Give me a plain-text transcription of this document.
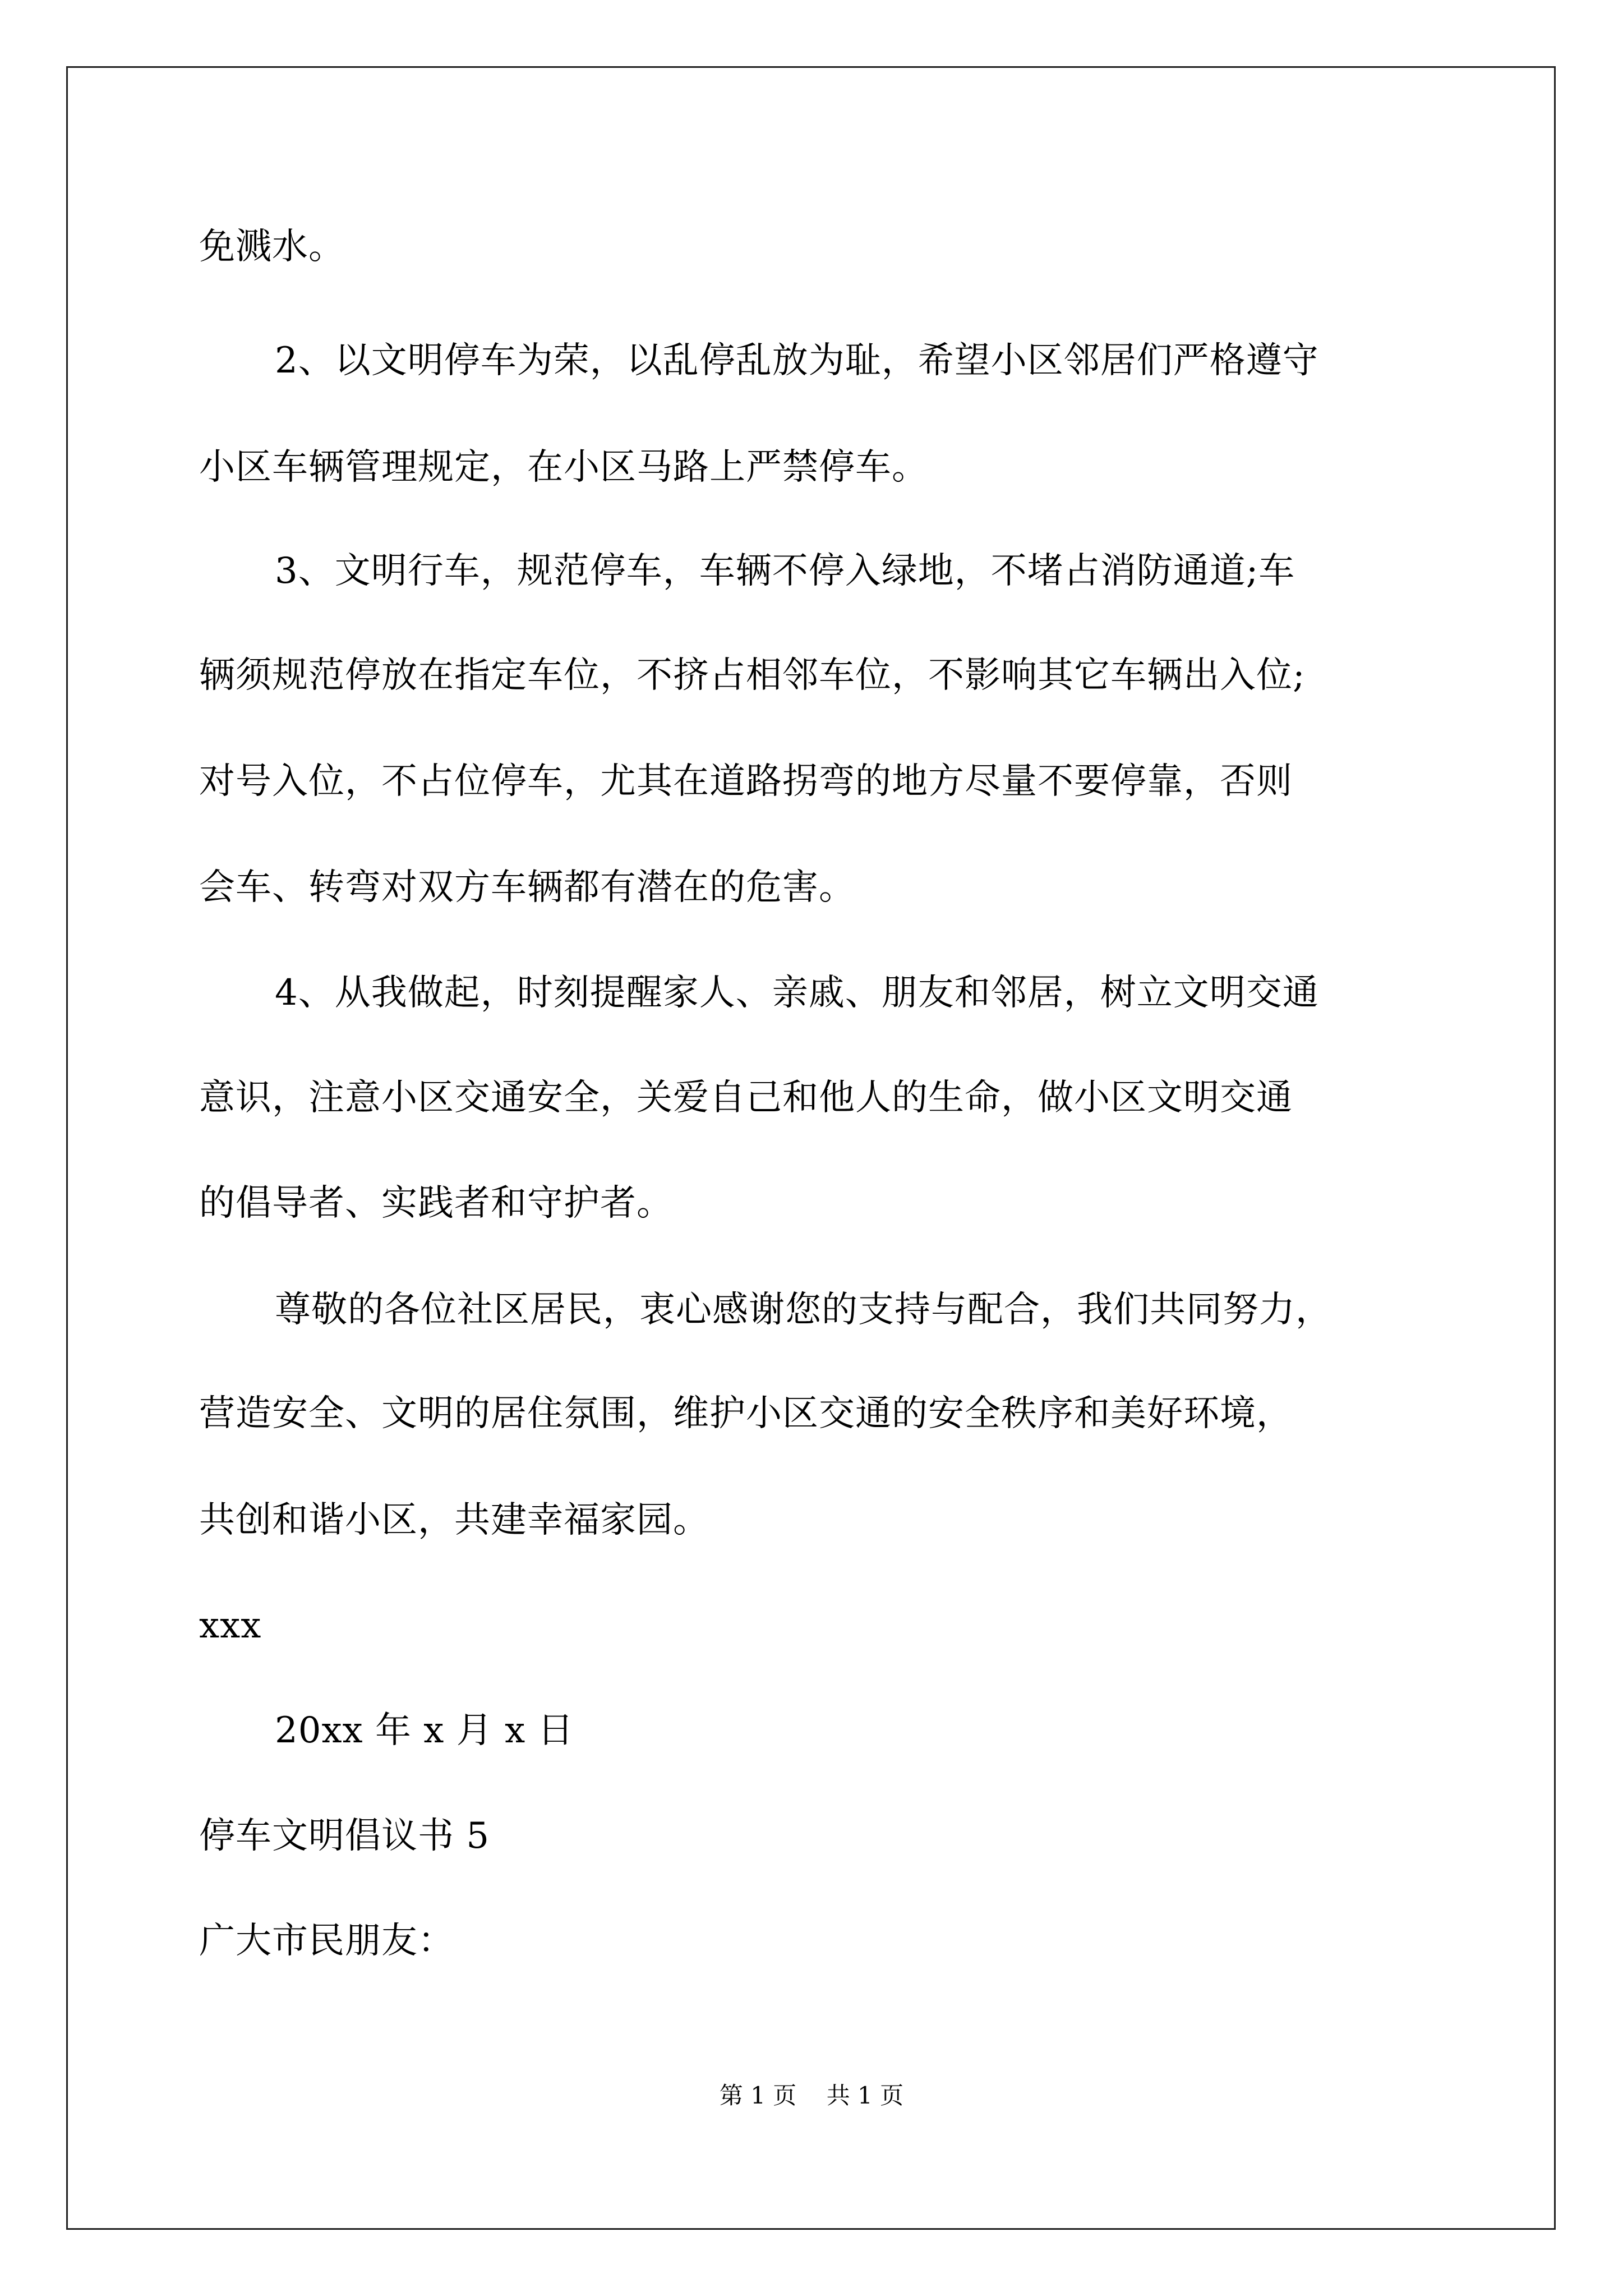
免溅水。
2、以文明停车为荣，以乱停乱放为耻，希望小区邻居们严格遵守
小区车辆管理规定，在小区马路上严禁停车。
3、文明行车，规范停车，车辆不停入绿地，不堵占消防通道;车
辆须规范停放在指定车位，不挤占相邻车位，不影响其它车辆出入位;
对号入位，不占位停车，尤其在道路拐弯的地方尽量不要停靠，否则
会车、转弯对双方车辆都有潜在的危害。
4、从我做起，时刻提醒家人、亲戚、朋友和邻居，树立文明交通
意识，注意小区交通安全，关爱自己和他人的生命，做小区文明交通
的倡导者、实践者和守护者。
尊敬的各位社区居民，衷心感谢您的支持与配合，我们共同努力，
营造安全、文明的居住氛围，维护小区交通的安全秩序和美好环境，
共创和谐小区，共建幸福家园。
xxx
20xx 年 x 月 x 日
停车文明倡议书 5
广大市民朋友：
第 1 页    共 1 页
